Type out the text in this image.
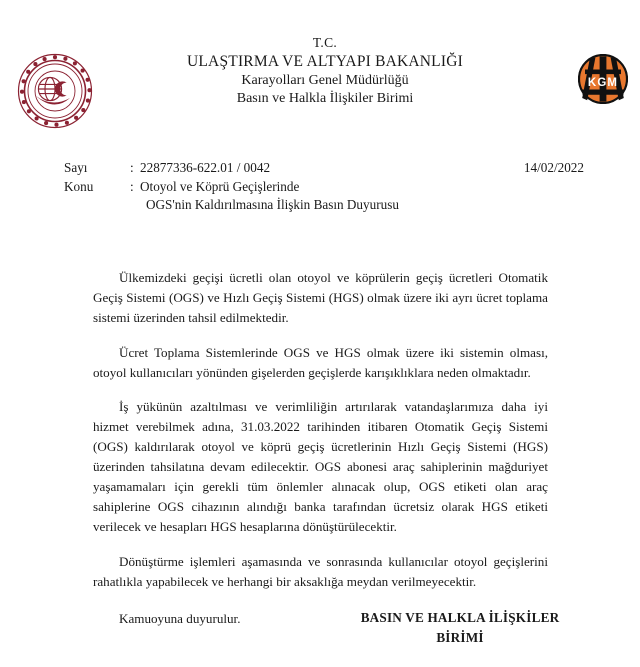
KGM
T.C.
ULAŞTIRMA VE ALTYAPI BAKANLIĞI
Karayolları Genel Müdürlüğü
Basın ve Halkla İlişkiler Birimi
Sayı	: 22877336-622.01 / 0042
Konu	: Otoyol ve Köprü Geçişlerinde
OGS'nin Kaldırılmasına İlişkin Basın Duyurusu
14/02/2022

Ülkemizdeki geçişi ücretli olan otoyol ve köprülerin geçiş ücretleri Otomatik Geçiş Sistemi (OGS) ve Hızlı Geçiş Sistemi (HGS) olmak üzere iki ayrı ücret toplama sistemi üzerinden tahsil edilmektedir.

Ücret Toplama Sistemlerinde OGS ve HGS olmak üzere iki sistemin olması, otoyol kullanıcıları yönünden gişelerden geçişlerde karışıklıklara neden olmaktadır.

İş yükünün azaltılması ve verimliliğin artırılarak vatandaşlarımıza daha iyi hizmet verebilmek adına, 31.03.2022 tarihinden itibaren Otomatik Geçiş Sistemi (OGS) kaldırılarak otoyol ve köprü geçiş ücretlerinin Hızlı Geçiş Sistemi (HGS) üzerinden tahsilatına devam edilecektir. OGS abonesi araç sahiplerinin mağduriyet yaşamamaları için gerekli tüm önlemler alınacak olup, OGS etiketi olan araç sahiplerine OGS cihazının alındığı banka tarafından ücretsiz olarak HGS etiketi verilecek ve hesapları HGS hesaplarına dönüştürülecektir.

Dönüştürme işlemleri aşamasında ve sonrasında kullanıcılar otoyol geçişlerini rahatlıkla yapabilecek ve herhangi bir aksaklığa meydan verilmeyecektir.

Kamuoyuna duyurulur.	BASIN VE HALKLA İLİŞKİLER
BİRİMİ
